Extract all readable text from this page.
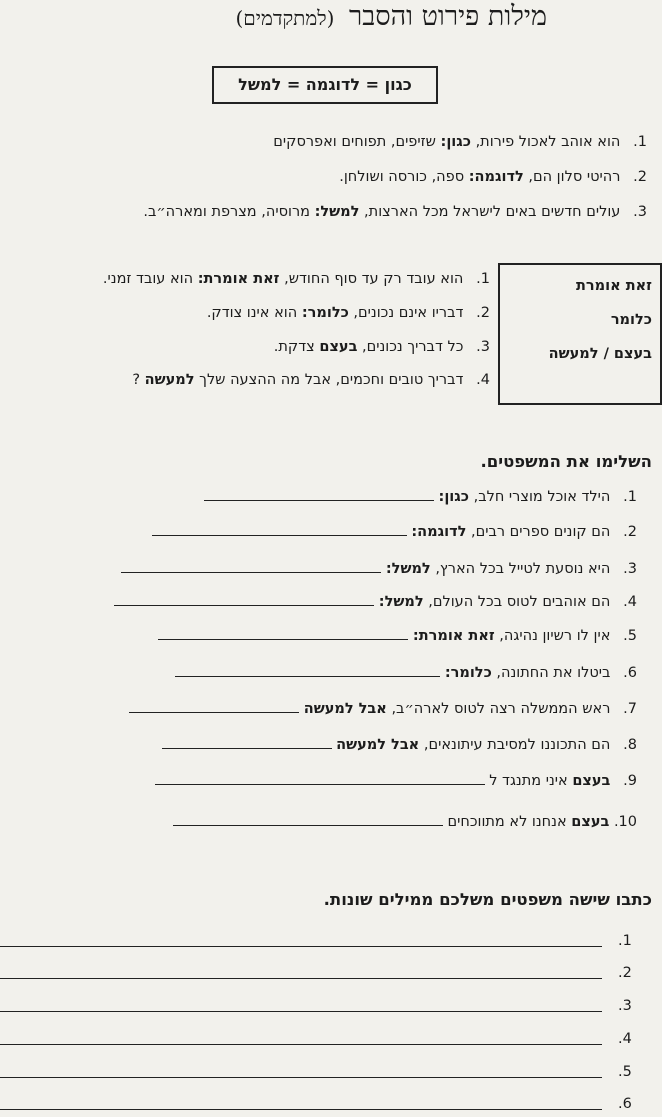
מילות פירוט והסבר (למתקדמים)
כגון = לדוגמה = למשל
1. הוא אוהב לאכול פירות, כגון: שזיפים, תפוחים ואפרסקים
2. רהיטי סלון הם, לדוגמה: ספה, כורסה ושולחן.
3. עולים חדשים באים לישראל מכל הארצות, למשל: מרוסיה, מצרפת ומארה״ב.
זאת אומרת
כלומר
בעצם / למעשה
1. הוא עובד רק עד סוף החודש, זאת אומרת: הוא עובד זמני.
2. דבריו אינם נכונים, כלומר: הוא אינו צודק.
3. כל דבריך נכונים, בעצם צדקת.
4. דבריך טובים וחכמים, אבל מה ההצעה שלך למעשה ?
השלימו את המשפטים.
1. הילד אוכל מוצרי חלב, כגון:
2. הם קונים ספרים רבים, לדוגמה:
3. היא נוסעת לטייל בכל הארץ, למשל:
4. הם אוהבים לטוס בכל העולם, למשל:
5. אין לו רשיון נהיגה, זאת אומרת:
6. ביטלו את החתונה, כלומר:
7. ראש הממשלה רצה לטוס לארה״ב, אבל למעשה
8. הם התכוננו למסיבת עיתונאים, אבל למעשה
9. בעצם איני מתנגד ל
10. בעצם אנחנו לא מתווכחים
כתבו שישה משפטים משלכם ממילים שונות.
.1
.2
.3
.4
.5
.6
